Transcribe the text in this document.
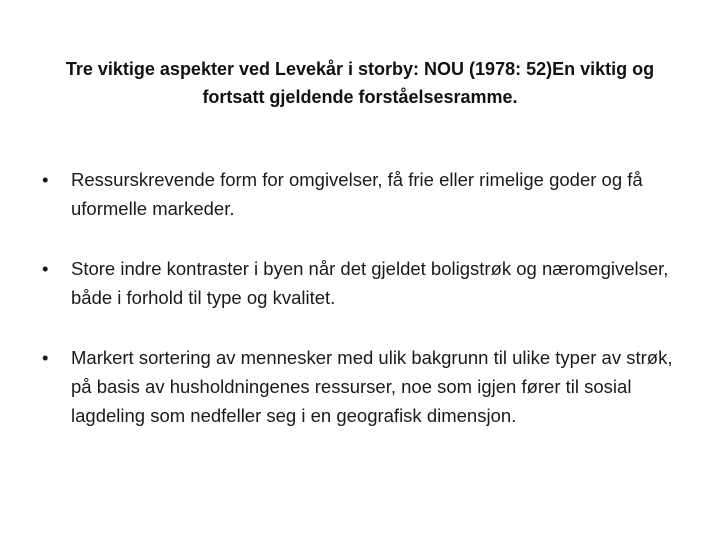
Tre viktige aspekter ved Levekår i storby: NOU (1978: 52)En viktig og fortsatt gjeldende forståelsesramme.
•	Ressurskrevende form for omgivelser, få frie eller rimelige goder og få uformelle markeder.
•	Store indre kontraster i byen når det gjeldet boligstrøk og næromgivelser, både i forhold til type og kvalitet.
•	Markert sortering av mennesker med ulik bakgrunn til ulike typer av strøk, på basis av husholdningenes ressurser, noe som igjen fører til sosial lagdeling som nedfeller seg i en geografisk dimensjon.
